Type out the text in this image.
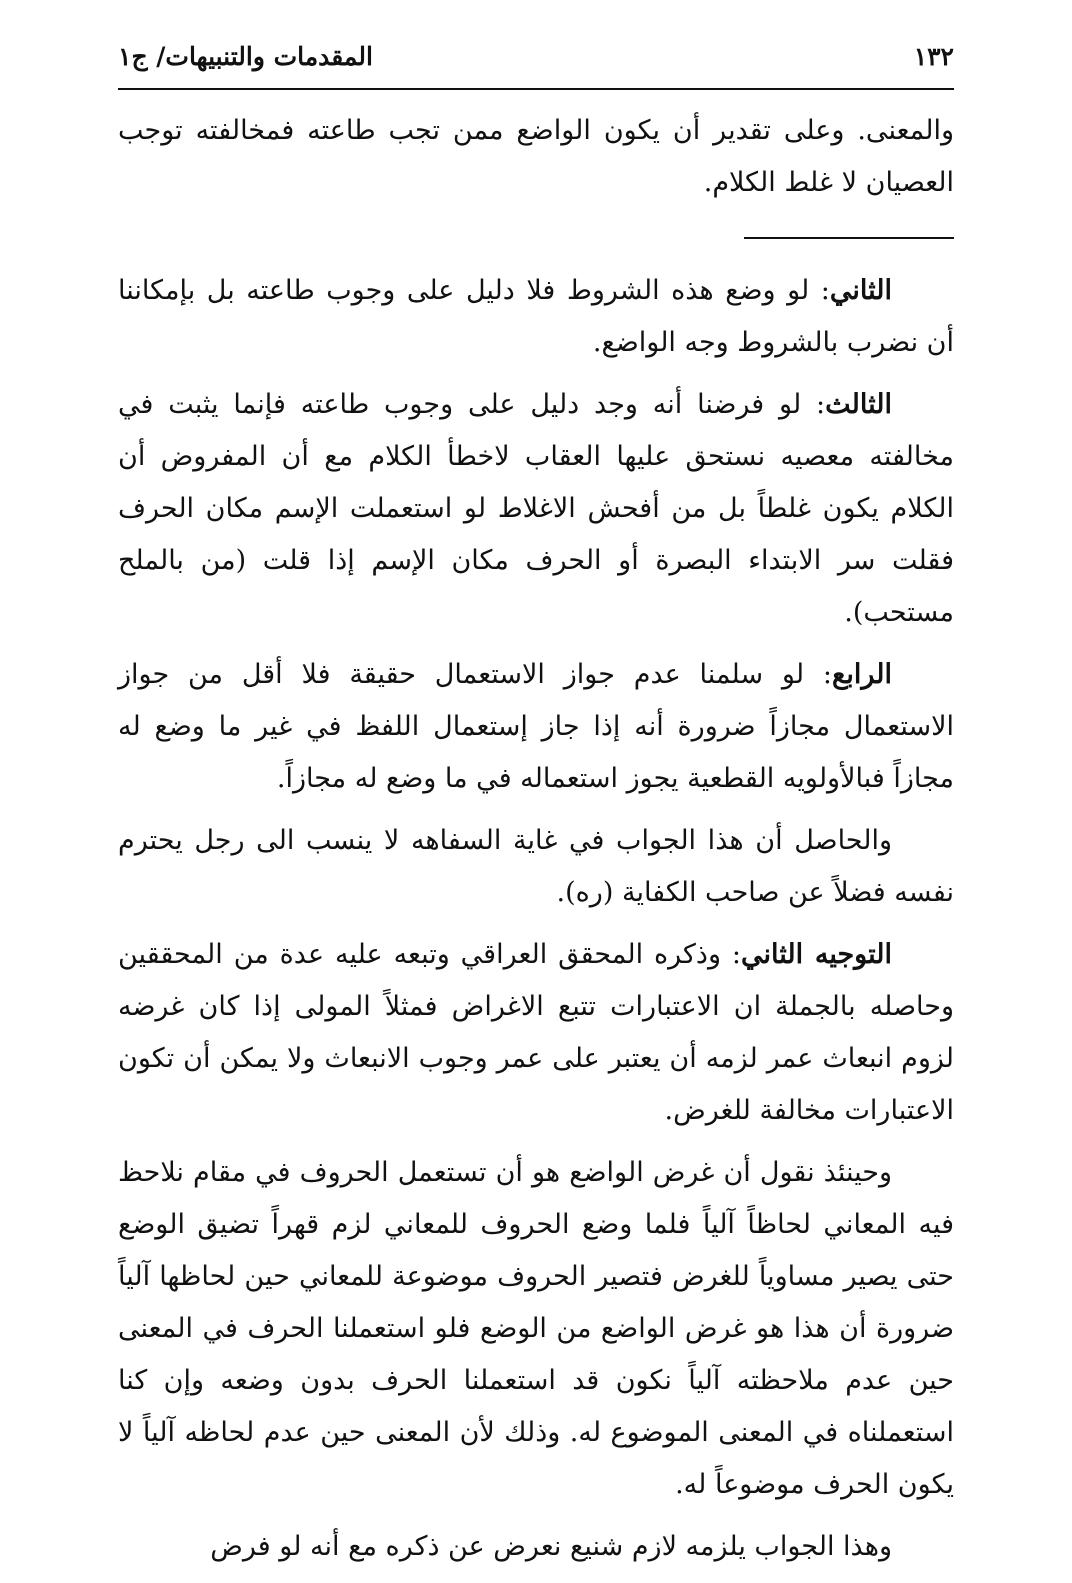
١٣٢
المقدمات والتنبيهات/ ج١

والمعنى. وعلى تقدير أن يكون الواضع ممن تجب طاعته فمخالفته توجب العصيان لا غلط الكلام.

الثاني: لو وضع هذه الشروط فلا دليل على وجوب طاعته بل بإمكاننا أن نضرب بالشروط وجه الواضع.

الثالث: لو فرضنا أنه وجد دليل على وجوب طاعته فإنما يثبت في مخالفته معصيه نستحق عليها العقاب لاخطأ الكلام مع أن المفروض أن الكلام يكون غلطاً بل من أفحش الاغلاط لو استعملت الإسم مكان الحرف فقلت سر الابتداء البصرة أو الحرف مكان الإسم إذا قلت (من بالملح مستحب).

الرابع: لو سلمنا عدم جواز الاستعمال حقيقة فلا أقل من جواز الاستعمال مجازاً ضرورة أنه إذا جاز إستعمال اللفظ في غير ما وضع له مجازاً فبالأولويه القطعية يجوز استعماله في ما وضع له مجازاً.

والحاصل أن هذا الجواب في غاية السفاهه لا ينسب الى رجل يحترم نفسه فضلاً عن صاحب الكفاية (ره).

التوجيه الثاني: وذكره المحقق العراقي وتبعه عليه عدة من المحققين وحاصله بالجملة ان الاعتبارات تتبع الاغراض فمثلاً المولى إذا كان غرضه لزوم انبعاث عمر لزمه أن يعتبر على عمر وجوب الانبعاث ولا يمكن أن تكون الاعتبارات مخالفة للغرض.

وحينئذ نقول أن غرض الواضع هو أن تستعمل الحروف في مقام نلاحظ فيه المعاني لحاظاً آلياً فلما وضع الحروف للمعاني لزم قهراً تضيق الوضع حتى يصير مساوياً للغرض فتصير الحروف موضوعة للمعاني حين لحاظها آلياً ضرورة أن هذا هو غرض الواضع من الوضع فلو استعملنا الحرف في المعنى حين عدم ملاحظته آلياً نكون قد استعملنا الحرف بدون وضعه وإن كنا استعملناه في المعنى الموضوع له. وذلك لأن المعنى حين عدم لحاظه آلياً لا يكون الحرف موضوعاً له.

وهذا الجواب يلزمه لازم شنيع نعرض عن ذكره مع أنه لو فرض
